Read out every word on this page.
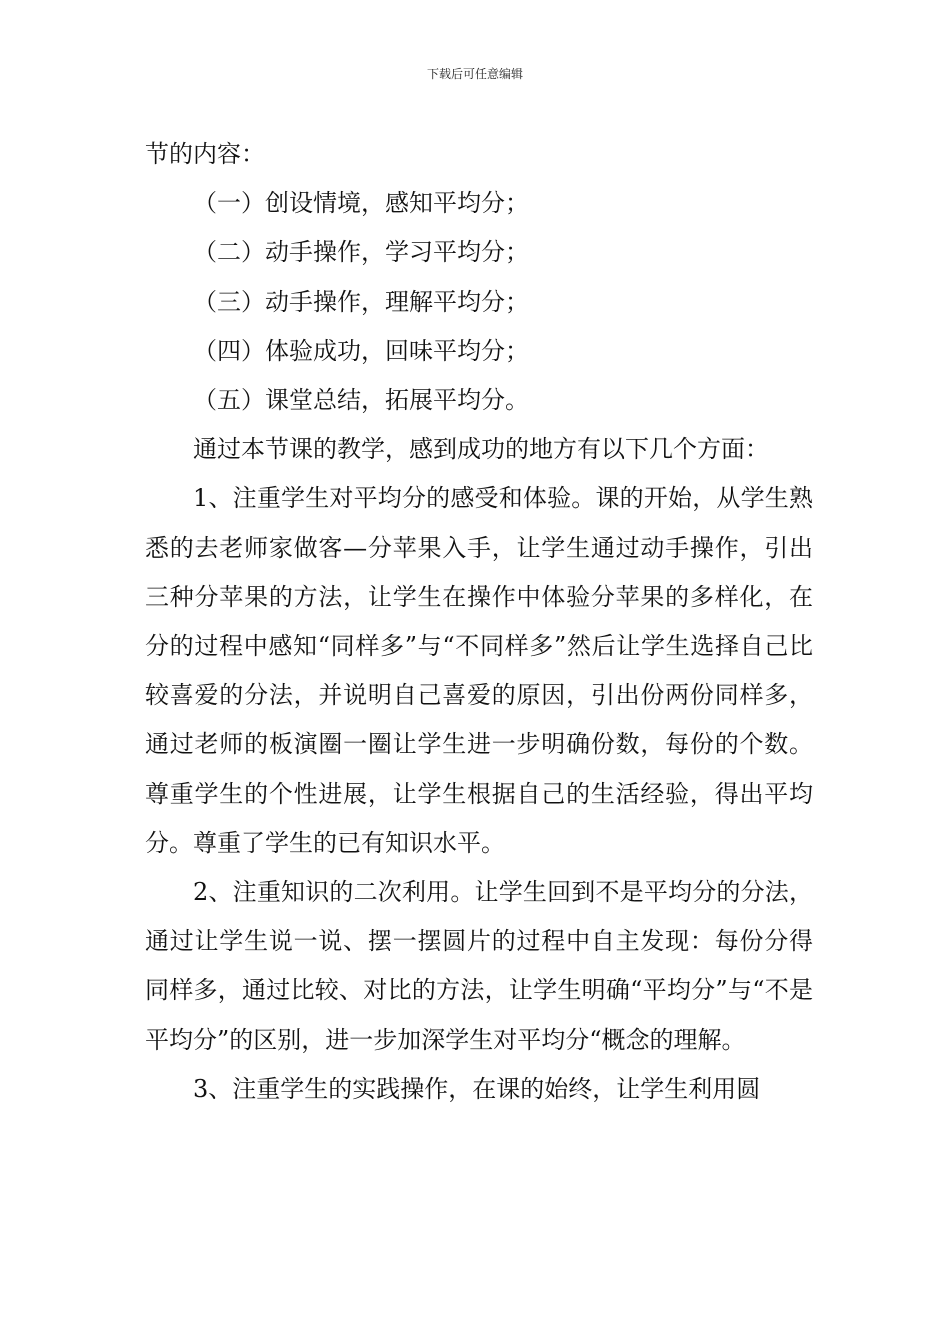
下载后可任意编辑

节的内容：

（一）创设情境，感知平均分；

（二）动手操作，学习平均分；

（三）动手操作，理解平均分；

（四）体验成功，回味平均分；

（五）课堂总结，拓展平均分。

通过本节课的教学，感到成功的地方有以下几个方面：

1、注重学生对平均分的感受和体验。课的开始，从学生熟悉的去老师家做客—分苹果入手，让学生通过动手操作，引出三种分苹果的方法，让学生在操作中体验分苹果的多样化，在分的过程中感知“同样多”与“不同样多”然后让学生选择自己比较喜爱的分法，并说明自己喜爱的原因，引出份两份同样多，通过老师的板演圈一圈让学生进一步明确份数，每份的个数。尊重学生的个性进展，让学生根据自己的生活经验，得出平均分。尊重了学生的已有知识水平。

2、注重知识的二次利用。让学生回到不是平均分的分法，通过让学生说一说、摆一摆圆片的过程中自主发现：每份分得同样多，通过比较、对比的方法，让学生明确“平均分”与“不是平均分”的区别，进一步加深学生对平均分“概念的理解。

3、注重学生的实践操作，在课的始终，让学生利用圆
